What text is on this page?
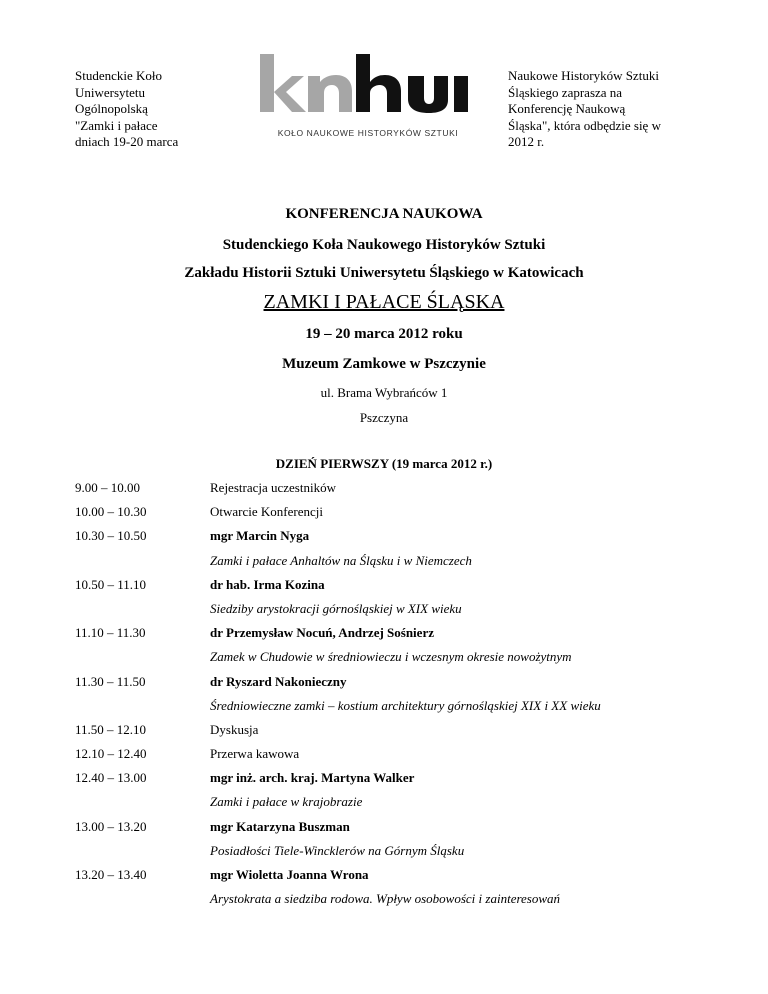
Studenckie Koło
Uniwersytetu
Ogólnopolską
"Zamki i pałace
dniach 19-20 marca
KOŁO NAUKOWE HISTORYKÓW SZTUKI
Naukowe Historyków Sztuki
Śląskiego zaprasza na
Konferencję Naukową
Śląska", która odbędzie się w
2012 r.
KONFERENCJA NAUKOWA
Studenckiego Koła Naukowego Historyków Sztuki
Zakładu Historii Sztuki Uniwersytetu Śląskiego w Katowicach
ZAMKI I PAŁACE ŚLĄSKA
19 – 20 marca 2012 roku
Muzeum Zamkowe w Pszczynie
ul. Brama Wybrańców 1
Pszczyna
DZIEŃ PIERWSZY (19 marca 2012 r.)
9.00 – 10.00	Rejestracja uczestników
10.00 – 10.30	Otwarcie Konferencji
10.30 – 10.50	mgr Marcin Nyga
Zamki i pałace Anhaltów na Śląsku i w Niemczech
10.50 – 11.10	dr hab. Irma Kozina
Siedziby arystokracji górnośląskiej w XIX wieku
11.10 – 11.30	dr Przemysław Nocuń, Andrzej Sośnierz
Zamek w Chudowie w średniowieczu i wczesnym okresie nowożytnym
11.30 – 11.50	dr Ryszard Nakonieczny
Średniowieczne zamki – kostium architektury górnośląskiej XIX i XX wieku
11.50 – 12.10	Dyskusja
12.10 – 12.40	Przerwa kawowa
12.40 – 13.00	mgr inż. arch. kraj. Martyna Walker
Zamki i pałace w krajobrazie
13.00 – 13.20	mgr Katarzyna Buszman
Posiadłości Tiele-Wincklerów na Górnym Śląsku
13.20 – 13.40	mgr Wioletta Joanna Wrona
Arystokrata a siedziba rodowa. Wpływ osobowości i zainteresowań
